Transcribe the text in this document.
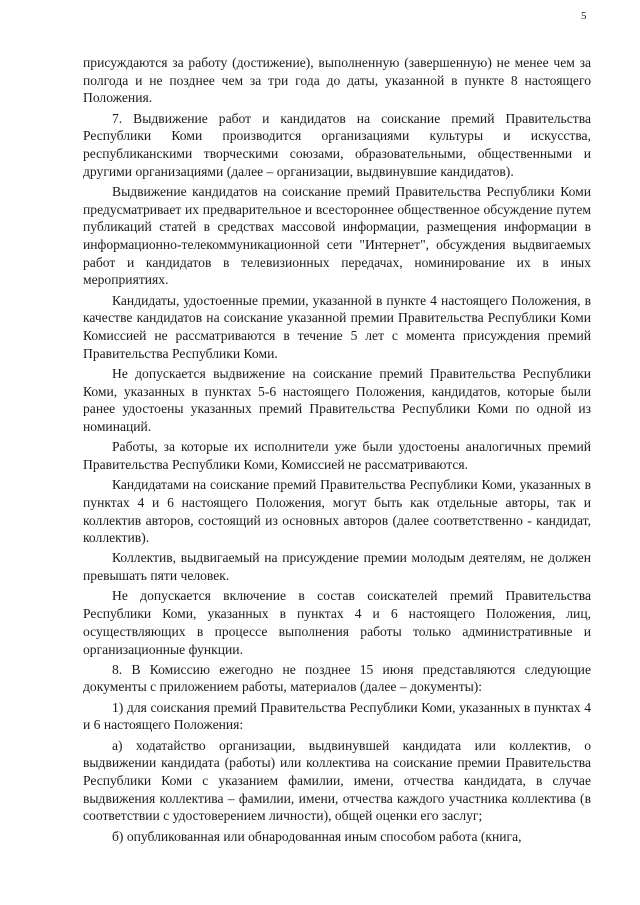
5

присуждаются за работу (достижение), выполненную (завершенную) не менее чем за полгода и не позднее чем за три года до даты, указанной в пункте 8 настоящего Положения.

7. Выдвижение работ и кандидатов на соискание премий Правительства Республики Коми производится организациями культуры и искусства, республиканскими творческими союзами, образовательными, общественными и другими организациями (далее – организации, выдвинувшие кандидатов).

Выдвижение кандидатов на соискание премий Правительства Республики Коми предусматривает их предварительное и всестороннее общественное обсуждение путем публикаций статей в средствах массовой информации, размещения информации в информационно-телекоммуникационной сети "Интернет", обсуждения выдвигаемых работ и кандидатов в телевизионных передачах, номинирование их в иных мероприятиях.

Кандидаты, удостоенные премии, указанной в пункте 4 настоящего Положения, в качестве кандидатов на соискание указанной премии Правительства Республики Коми Комиссией не рассматриваются в течение 5 лет с момента присуждения премий Правительства Республики Коми.

Не допускается выдвижение на соискание премий Правительства Республики Коми, указанных в пунктах 5-6 настоящего Положения, кандидатов, которые были ранее удостоены указанных премий Правительства Республики Коми по одной из номинаций.

Работы, за которые их исполнители уже были удостоены аналогичных премий Правительства Республики Коми, Комиссией не рассматриваются.

Кандидатами на соискание премий Правительства Республики Коми, указанных в пунктах 4 и 6 настоящего Положения, могут быть как отдельные авторы, так и коллектив авторов, состоящий из основных авторов (далее соответственно - кандидат, коллектив).

Коллектив, выдвигаемый на присуждение премии молодым деятелям, не должен превышать пяти человек.

Не допускается включение в состав соискателей премий Правительства Республики Коми, указанных в пунктах 4 и 6 настоящего Положения, лиц, осуществляющих в процессе выполнения работы только административные и организационные функции.

8. В Комиссию ежегодно не позднее 15 июня представляются следующие документы с приложением работы, материалов (далее – документы):

1) для соискания премий Правительства Республики Коми, указанных в пунктах 4 и 6 настоящего Положения:

а) ходатайство организации, выдвинувшей кандидата или коллектив, о выдвижении кандидата (работы) или коллектива на соискание премии Правительства Республики Коми с указанием фамилии, имени, отчества кандидата, в случае выдвижения коллектива – фамилии, имени, отчества каждого участника коллектива (в соответствии с удостоверением личности), общей оценки его заслуг;

б) опубликованная или обнародованная иным способом работа (книга,
